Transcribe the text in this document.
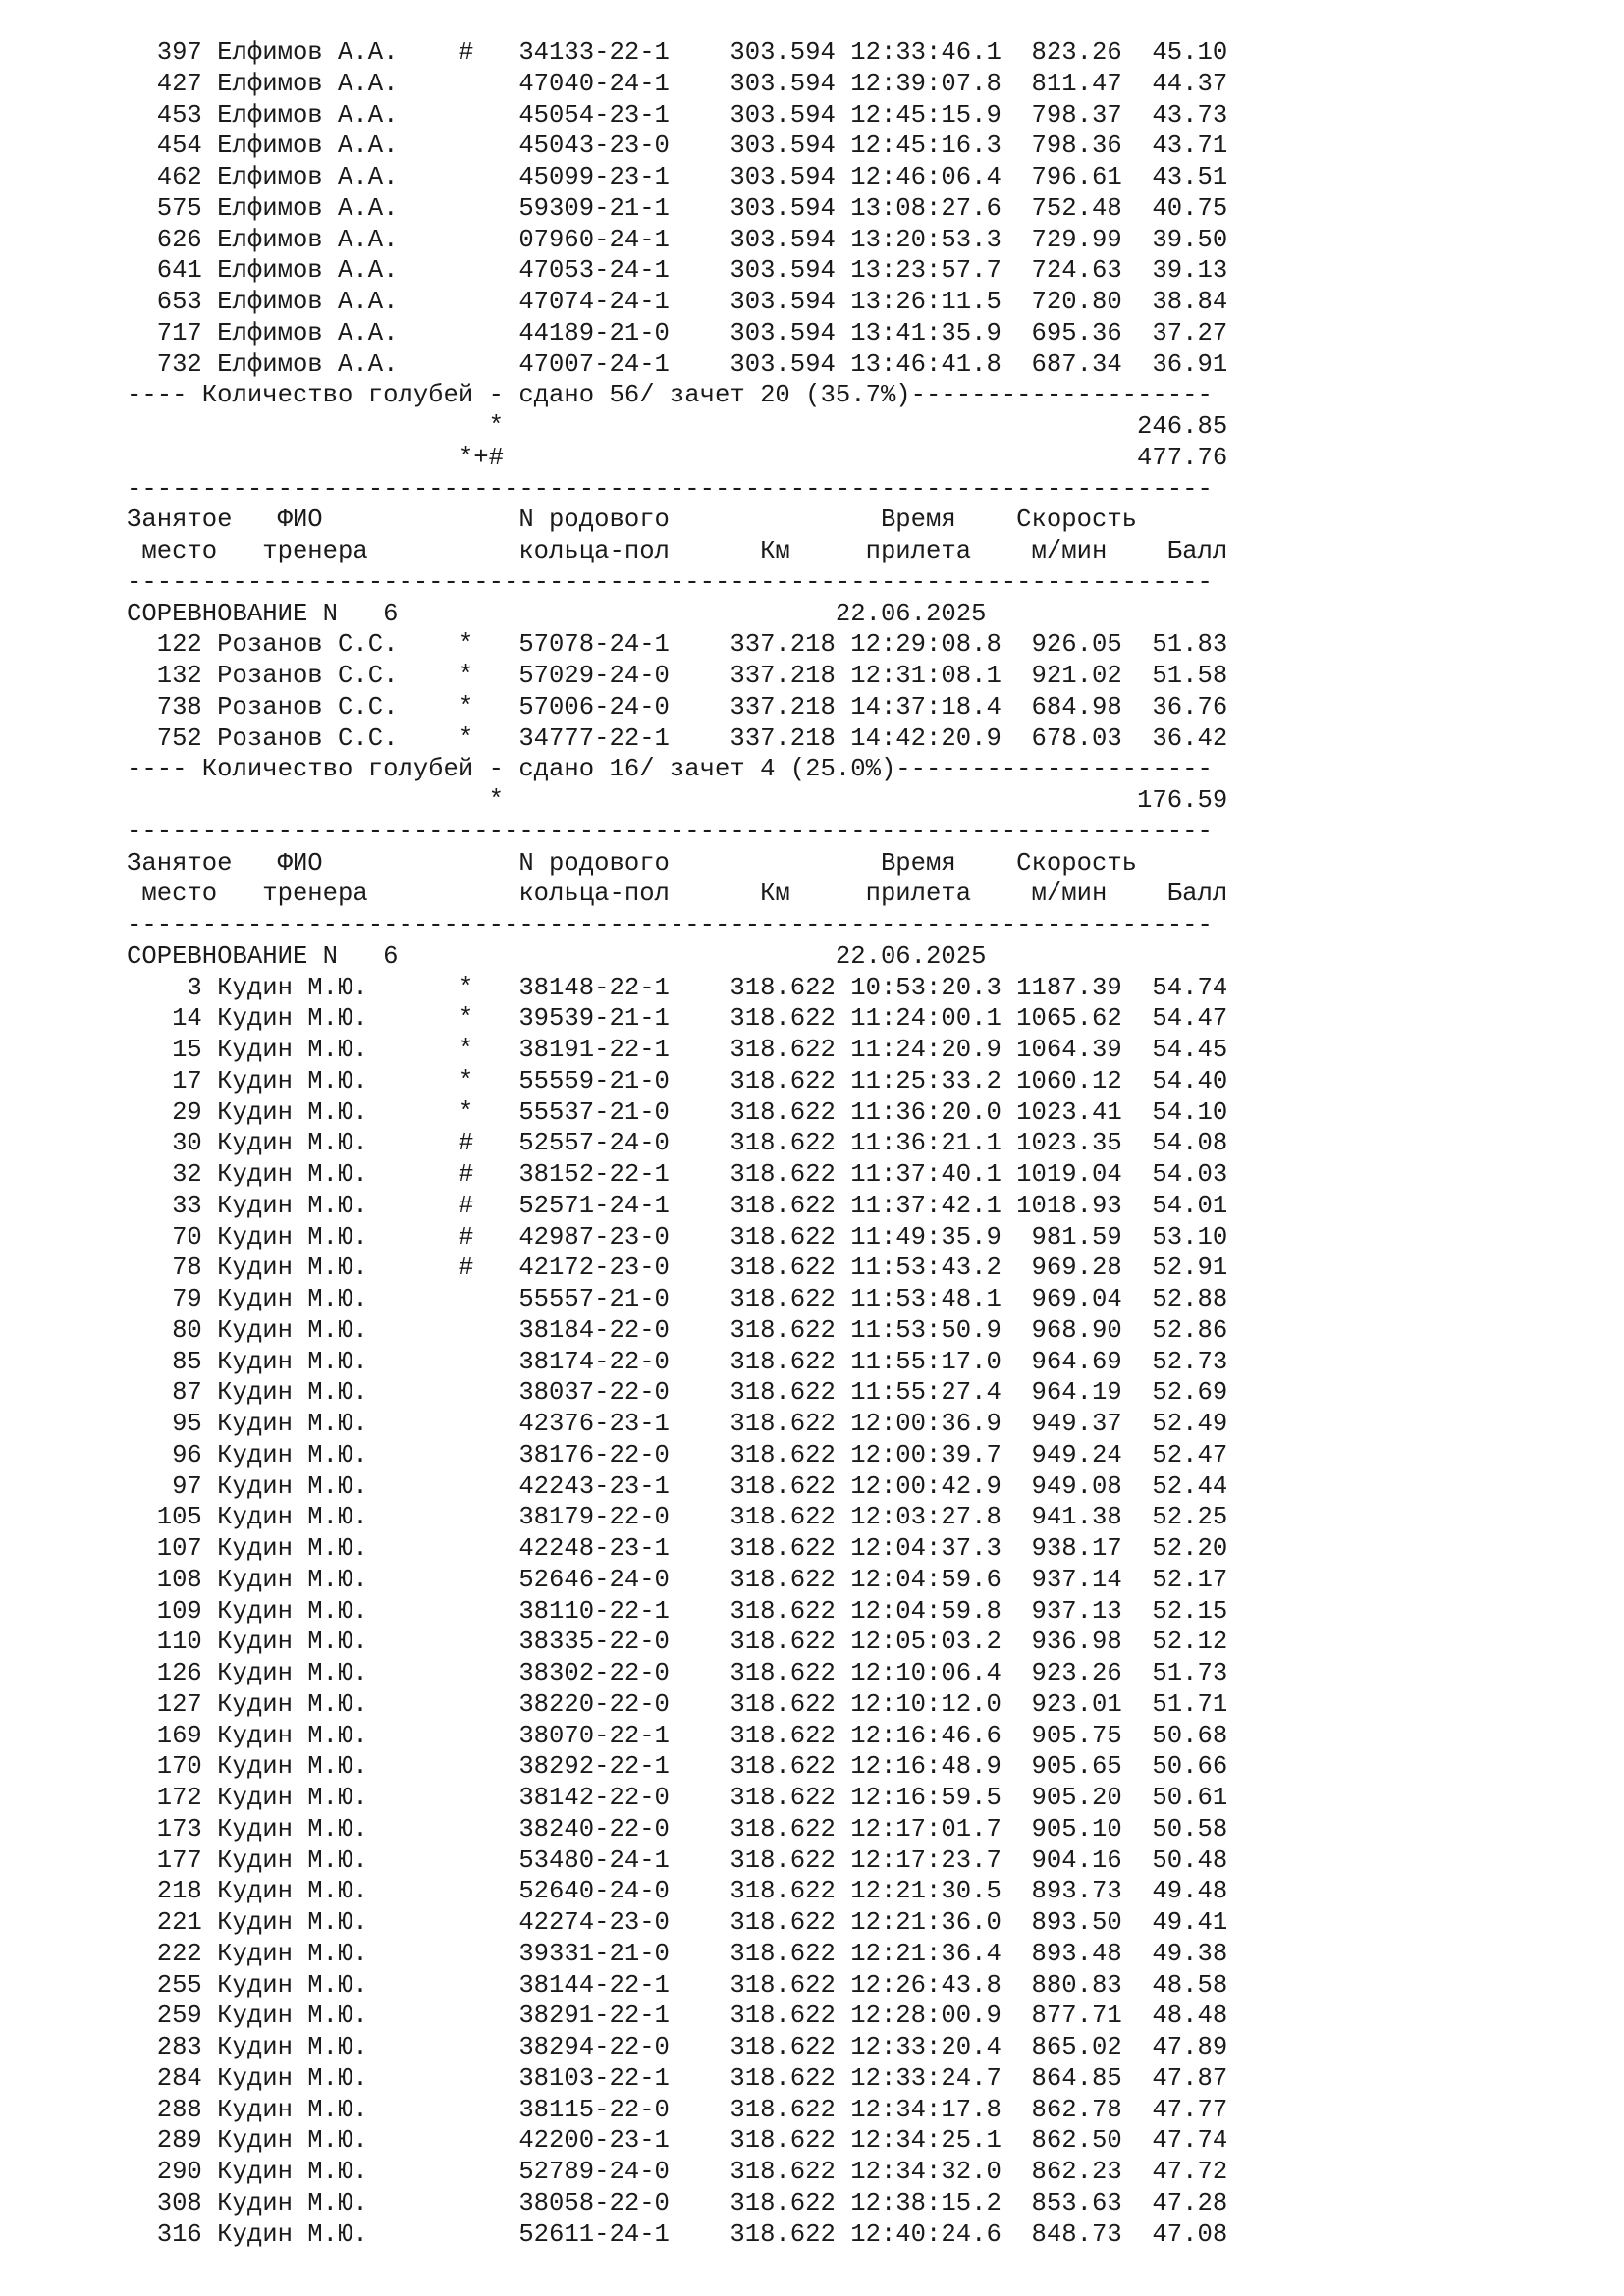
397 Елфимов А.А.    #   34133-22-1    303.594 12:33:46.1  823.26  45.10
427 Елфимов А.А.        47040-24-1    303.594 12:39:07.8  811.47  44.37
453 Елфимов А.А.        45054-23-1    303.594 12:45:15.9  798.37  43.73
454 Елфимов А.А.        45043-23-0    303.594 12:45:16.3  798.36  43.71
462 Елфимов А.А.        45099-23-1    303.594 12:46:06.4  796.61  43.51
575 Елфимов А.А.        59309-21-1    303.594 13:08:27.6  752.48  40.75
626 Елфимов А.А.        07960-24-1    303.594 13:20:53.3  729.99  39.50
641 Елфимов А.А.        47053-24-1    303.594 13:23:57.7  724.63  39.13
653 Елфимов А.А.        47074-24-1    303.594 13:26:11.5  720.80  38.84
717 Елфимов А.А.        44189-21-0    303.594 13:41:35.9  695.36  37.27
732 Елфимов А.А.        47007-24-1    303.594 13:46:41.8  687.34  36.91
---- Количество голубей - сдано 56/ зачет 20 (35.7%)--------------------
*                                          246.85
*+#                                          477.76
------------------------------------------------------------------------
Занятое   ФИО             N родового              Время    Скорость
место   тренера          кольца-пол      Км     прилета    м/мин    Балл
------------------------------------------------------------------------
СОРЕВНОВАНИЕ N   6                             22.06.2025
122 Розанов С.С.    *   57078-24-1    337.218 12:29:08.8  926.05  51.83
132 Розанов С.С.    *   57029-24-0    337.218 12:31:08.1  921.02  51.58
738 Розанов С.С.    *   57006-24-0    337.218 14:37:18.4  684.98  36.76
752 Розанов С.С.    *   34777-22-1    337.218 14:42:20.9  678.03  36.42
---- Количество голубей - сдано 16/ зачет 4 (25.0%)---------------------
*                                          176.59
------------------------------------------------------------------------
Занятое   ФИО             N родового              Время    Скорость
место   тренера          кольца-пол      Км     прилета    м/мин    Балл
------------------------------------------------------------------------
СОРЕВНОВАНИЕ N   6                             22.06.2025
3 Кудин М.Ю.      *   38148-22-1    318.622 10:53:20.3 1187.39  54.74
14 Кудин М.Ю.      *   39539-21-1    318.622 11:24:00.1 1065.62  54.47
15 Кудин М.Ю.      *   38191-22-1    318.622 11:24:20.9 1064.39  54.45
17 Кудин М.Ю.      *   55559-21-0    318.622 11:25:33.2 1060.12  54.40
29 Кудин М.Ю.      *   55537-21-0    318.622 11:36:20.0 1023.41  54.10
30 Кудин М.Ю.      #   52557-24-0    318.622 11:36:21.1 1023.35  54.08
32 Кудин М.Ю.      #   38152-22-1    318.622 11:37:40.1 1019.04  54.03
33 Кудин М.Ю.      #   52571-24-1    318.622 11:37:42.1 1018.93  54.01
70 Кудин М.Ю.      #   42987-23-0    318.622 11:49:35.9  981.59  53.10
78 Кудин М.Ю.      #   42172-23-0    318.622 11:53:43.2  969.28  52.91
79 Кудин М.Ю.          55557-21-0    318.622 11:53:48.1  969.04  52.88
80 Кудин М.Ю.          38184-22-0    318.622 11:53:50.9  968.90  52.86
85 Кудин М.Ю.          38174-22-0    318.622 11:55:17.0  964.69  52.73
87 Кудин М.Ю.          38037-22-0    318.622 11:55:27.4  964.19  52.69
95 Кудин М.Ю.          42376-23-1    318.622 12:00:36.9  949.37  52.49
96 Кудин М.Ю.          38176-22-0    318.622 12:00:39.7  949.24  52.47
97 Кудин М.Ю.          42243-23-1    318.622 12:00:42.9  949.08  52.44
105 Кудин М.Ю.          38179-22-0    318.622 12:03:27.8  941.38  52.25
107 Кудин М.Ю.          42248-23-1    318.622 12:04:37.3  938.17  52.20
108 Кудин М.Ю.          52646-24-0    318.622 12:04:59.6  937.14  52.17
109 Кудин М.Ю.          38110-22-1    318.622 12:04:59.8  937.13  52.15
110 Кудин М.Ю.          38335-22-0    318.622 12:05:03.2  936.98  52.12
126 Кудин М.Ю.          38302-22-0    318.622 12:10:06.4  923.26  51.73
127 Кудин М.Ю.          38220-22-0    318.622 12:10:12.0  923.01  51.71
169 Кудин М.Ю.          38070-22-1    318.622 12:16:46.6  905.75  50.68
170 Кудин М.Ю.          38292-22-1    318.622 12:16:48.9  905.65  50.66
172 Кудин М.Ю.          38142-22-0    318.622 12:16:59.5  905.20  50.61
173 Кудин М.Ю.          38240-22-0    318.622 12:17:01.7  905.10  50.58
177 Кудин М.Ю.          53480-24-1    318.622 12:17:23.7  904.16  50.48
218 Кудин М.Ю.          52640-24-0    318.622 12:21:30.5  893.73  49.48
221 Кудин М.Ю.          42274-23-0    318.622 12:21:36.0  893.50  49.41
222 Кудин М.Ю.          39331-21-0    318.622 12:21:36.4  893.48  49.38
255 Кудин М.Ю.          38144-22-1    318.622 12:26:43.8  880.83  48.58
259 Кудин М.Ю.          38291-22-1    318.622 12:28:00.9  877.71  48.48
283 Кудин М.Ю.          38294-22-0    318.622 12:33:20.4  865.02  47.89
284 Кудин М.Ю.          38103-22-1    318.622 12:33:24.7  864.85  47.87
288 Кудин М.Ю.          38115-22-0    318.622 12:34:17.8  862.78  47.77
289 Кудин М.Ю.          42200-23-1    318.622 12:34:25.1  862.50  47.74
290 Кудин М.Ю.          52789-24-0    318.622 12:34:32.0  862.23  47.72
308 Кудин М.Ю.          38058-22-0    318.622 12:38:15.2  853.63  47.28
316 Кудин М.Ю.          52611-24-1    318.622 12:40:24.6  848.73  47.08
